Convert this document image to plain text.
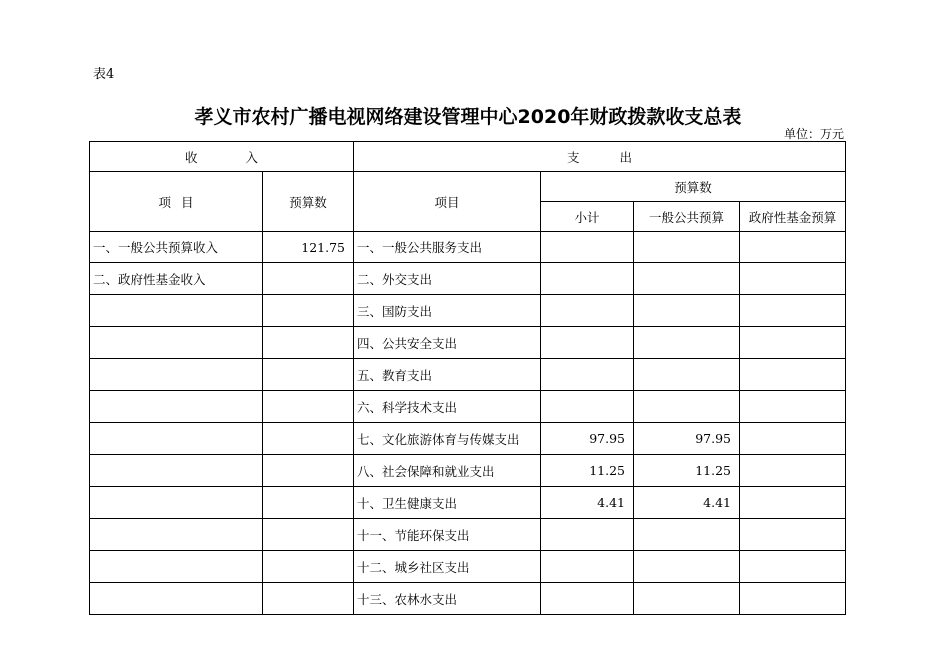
表4
孝义市农村广播电视网络建设管理中心2020年财政拨款收支总表
单位：万元
收 入		支 出			
项 目	预算数	项目	预算数		
			小计	一般公共预算	政府性基金预算
一、一般公共预算收入	121.75	一、一般公共服务支出			
二、政府性基金收入		二、外交支出			
		三、国防支出			
		四、公共安全支出			
		五、教育支出			
		六、科学技术支出			
		七、文化旅游体育与传媒支出	97.95	97.95	
		八、社会保障和就业支出	11.25	11.25	
		十、卫生健康支出	4.41	4.41	
		十一、节能环保支出			
		十二、城乡社区支出			
		十三、农林水支出			
